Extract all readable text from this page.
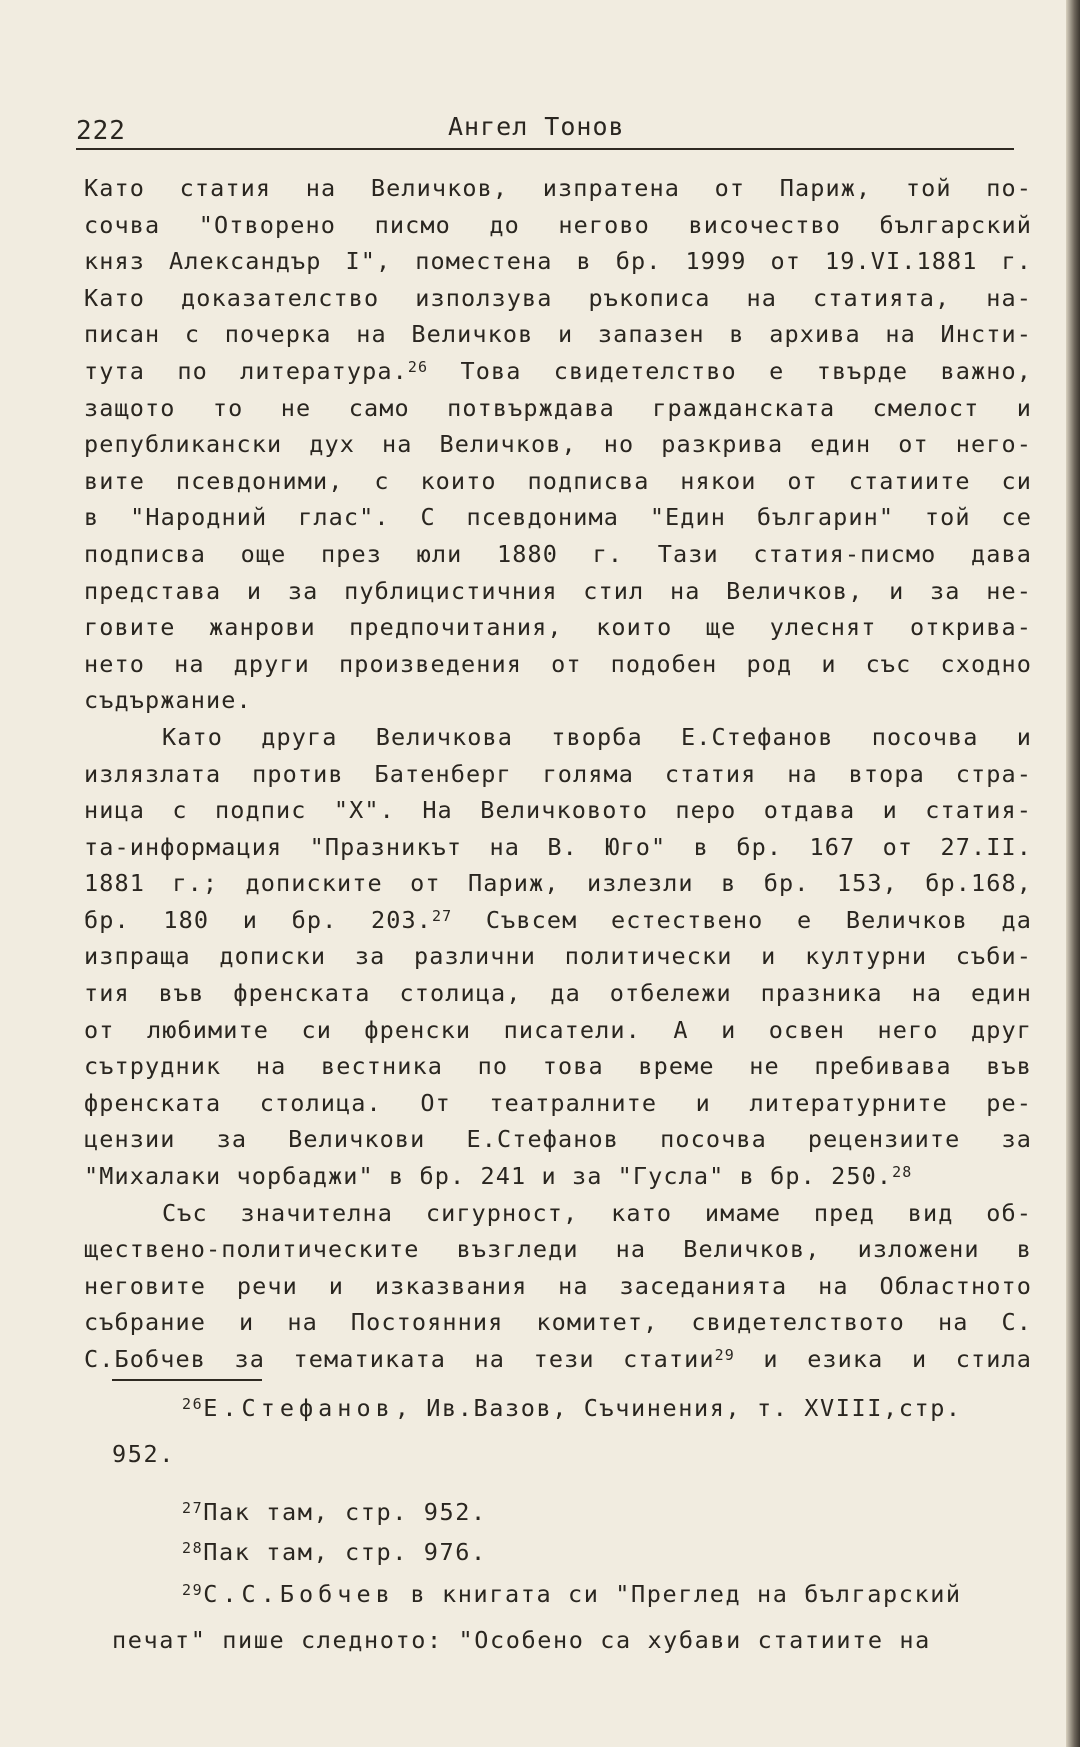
222	Ангел Тонов
Като статия на Величков, изпратена от Париж, той по-
сочва "Отворено писмо до негово височество българский
княз Александър I", поместена в бр. 1999 от 19.VI.1881 г.
Като доказателство използува ръкописа на статията, на-
писан с почерка на Величков и запазен в архива на Инсти-
тута по литература.$^{26}$ Това свидетелство е твърде важно,
защото то не само потвърждава гражданската смелост и
републикански дух на Величков, но разкрива един от него-
вите псевдоними, с които подписва някои от статиите си
в "Народний глас". С псевдонима "Един българин" той се
подписва още през юли 1880 г. Тази статия-писмо дава
представа и за публицистичния стил на Величков, и за не-
говите жанрови предпочитания, които ще улеснят открива-
нето на други произведения от подобен род и със сходно
съдържание.
Като друга Величкова творба Е.Стефанов посочва и
излязлата против Батенберг голяма статия на втора стра-
ница с подпис "X". На Величковото перо отдава и статия-
та-информация "Празникът на В. Юго" в бр. 167 от 27.II.
1881 г.; дописките от Париж, излезли в бр. 153, бр.168,
бр. 180 и бр. 203.27 Съвсем естествено е Величков да
изпраща дописки за различни политически и културни съби-
тия във френската столица, да отбележи празника на един
от любимите си френски писатели. А и освен него друг
сътрудник на вестника по това време не пребивава във
френската столица. От театралните и литературните ре-
цензии за Величкови Е.Стефанов посочва рецензиите за
"Михалаки чорбаджи" в бр. 241 и за "Гусла" в бр. 250.28
Със значителна сигурност, като имаме пред вид об-
ществено-политическите възгледи на Величков, изложени в
неговите речи и изказвания на заседанията на Областното
събрание и на Постоянния комитет, свидетелството на С.
С.Бобчев за тематиката на тези статии$^{29}$ и езика и стила
$^{26}$Е.Стефанов, Ив.Вазов, Съчинения, т. XVIII,стр.
952.
$^{27}$Пак там, стр. 952.
$^{28}$Пак там, стр. 976.
$^{29}$С.С.Бобчев в книгата си "Преглед на българский
печат" пише следното: "Особено са хубави статиите на
